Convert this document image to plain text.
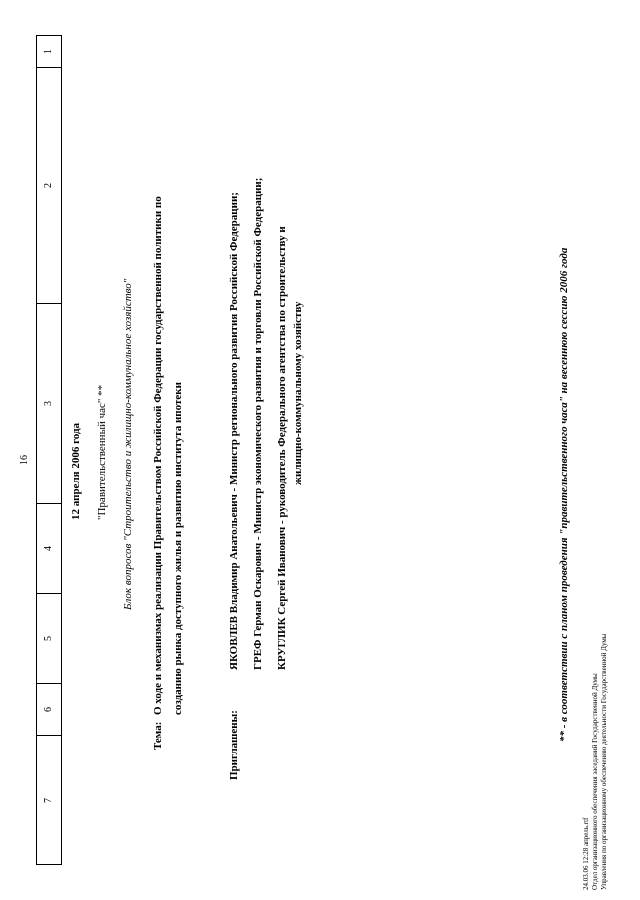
1
2
3
4
5
6
7
16	12 апреля 2006 года "Правительственный час" ** Блок вопросов "Строительство и жилищно-коммунальное хозяйство"
Тема:
О ходе и механизмах реализации Правительством Российской Федерации государственной политики по созданию рынка доступного жилья и развитию института ипотеки
Приглашены:
ЯКОВЛЕВ Владимир Анатольевич - Министр регионального развития Российской Федерации; ГРЕФ Герман Оскарович - Министр экономического развития и торговли Российской Федерации; КРУГЛИК Сергей Иванович - руководитель Федерального агентства по строительству и жилищно-коммунальному хозяйству	** - в соответствии с планом проведения "правительственного часа" на весеннюю сессию 2006 года
24.03.06 12:28 апрель.rtf Отдел организационного обеспечения заседаний Государственной Думы Управления по организационному обеспечению деятельности Государственной Думы
